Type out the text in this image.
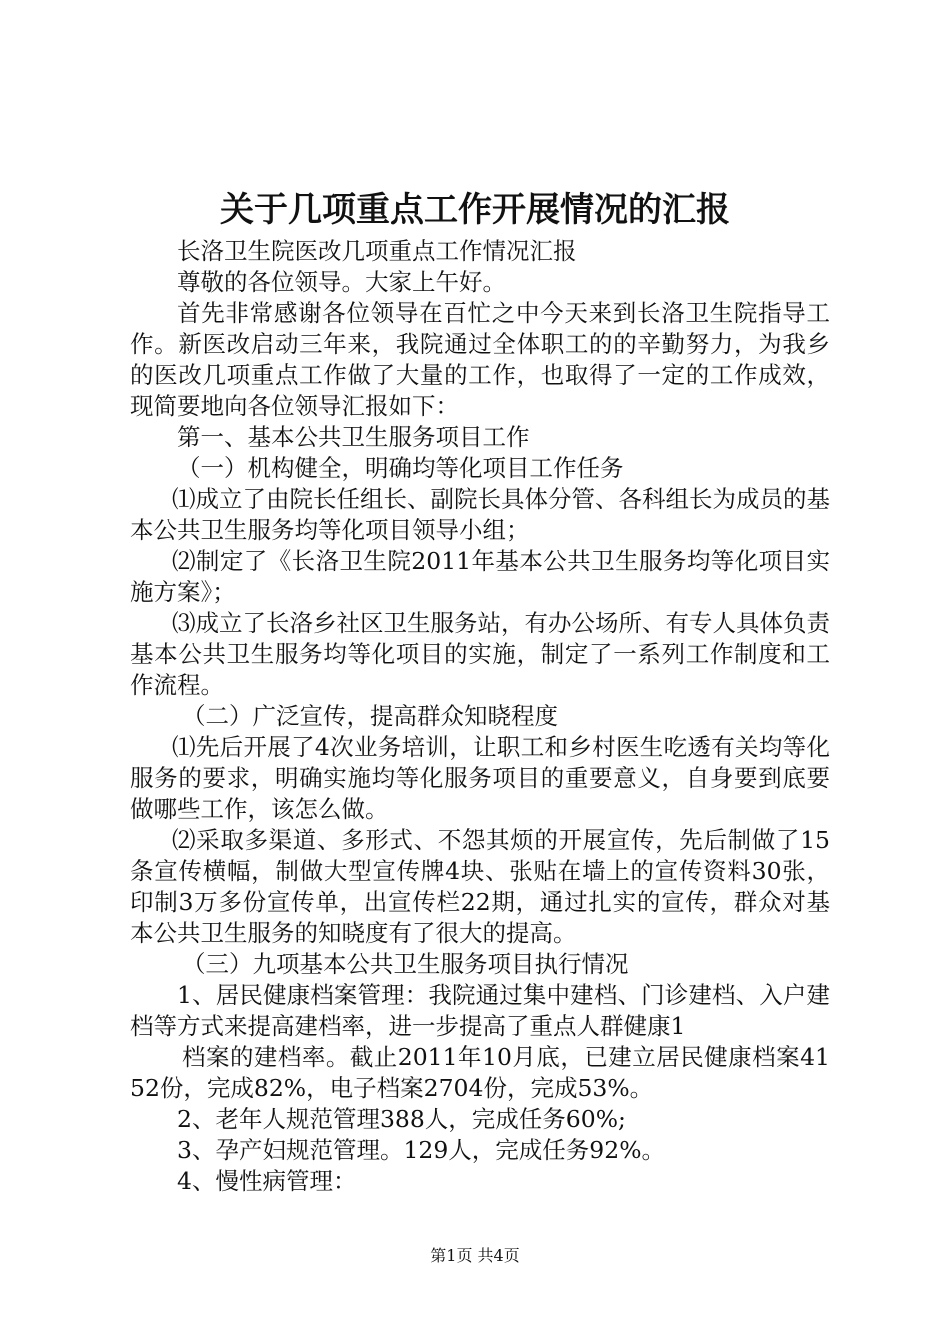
关于几项重点工作开展情况的汇报

长洛卫生院医改几项重点工作情况汇报

尊敬的各位领导。大家上午好。

首先非常感谢各位领导在百忙之中今天来到长洛卫生院指导工作。新医改启动三年来，我院通过全体职工的的辛勤努力，为我乡的医改几项重点工作做了大量的工作，也取得了一定的工作成效，现简要地向各位领导汇报如下：

第一、基本公共卫生服务项目工作

（一）机构健全，明确均等化项目工作任务

⑴成立了由院长任组长、副院长具体分管、各科组长为成员的基本公共卫生服务均等化项目领导小组；

⑵制定了《长洛卫生院2011年基本公共卫生服务均等化项目实施方案》；

⑶成立了长洛乡社区卫生服务站，有办公场所、有专人具体负责基本公共卫生服务均等化项目的实施，制定了一系列工作制度和工作流程。

（二）广泛宣传，提高群众知晓程度

⑴先后开展了4次业务培训，让职工和乡村医生吃透有关均等化服务的要求，明确实施均等化服务项目的重要意义，自身要到底要做哪些工作，该怎么做。

⑵采取多渠道、多形式、不怨其烦的开展宣传，先后制做了15条宣传横幅，制做大型宣传牌4块、张贴在墙上的宣传资料30张，印制3万多份宣传单，出宣传栏22期，通过扎实的宣传，群众对基本公共卫生服务的知晓度有了很大的提高。

（三）九项基本公共卫生服务项目执行情况

1、居民健康档案管理：我院通过集中建档、门诊建档、入户建档等方式来提高建档率，进一步提高了重点人群健康1

档案的建档率。截止2011年10月底，已建立居民健康档案4152份，完成82%，电子档案2704份，完成53%。

2、老年人规范管理388人，完成任务60%;

3、孕产妇规范管理。129人，完成任务92%。

4、慢性病管理：

第1页 共4页
